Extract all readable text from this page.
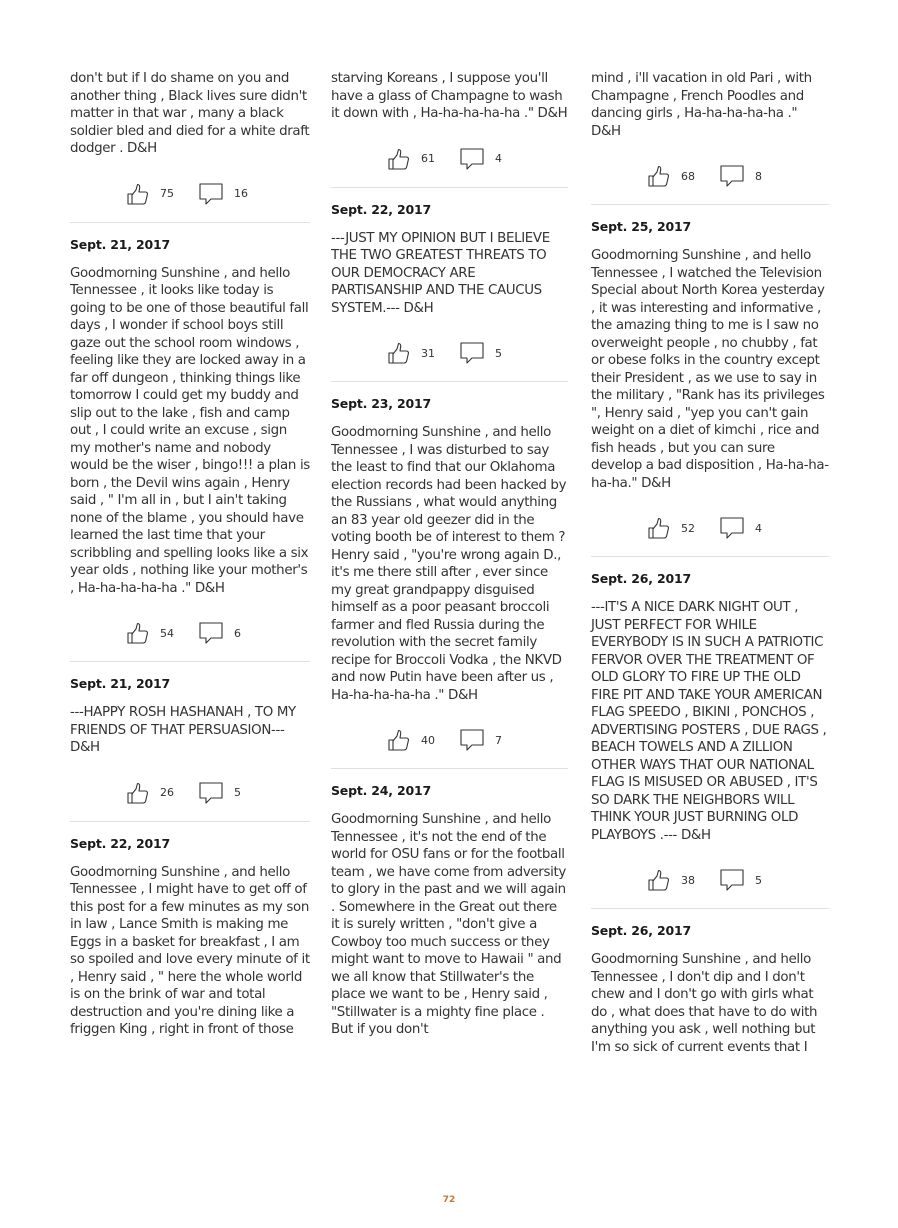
don't but if I do shame on you and another thing , Black lives sure didn't matter in that war , many a black soldier bled and died for a white draft dodger . D&H

75	16

Sept. 21, 2017

Goodmorning Sunshine , and hello Tennessee , it looks like today is going to be one of those beautiful fall days , I wonder if school boys still gaze out the school room windows , feeling like they are locked away in a far off dungeon , thinking things like tomorrow I could get my buddy and slip out to the lake , fish and camp out , I could write an excuse , sign my mother's name and nobody would be the wiser , bingo!!! a plan is born , the Devil wins again , Henry said , " I'm all in , but I ain't taking none of the blame , you should have learned the last time that your scribbling and spelling looks like a six year olds , nothing like your mother's , Ha-ha-ha-ha-ha ." D&H

54	6

Sept. 21, 2017

---HAPPY ROSH HASHANAH , TO MY FRIENDS OF THAT PERSUASION--- D&H

26	5

Sept. 22, 2017

Goodmorning Sunshine , and hello Tennessee , I might have to get off of this post for a few minutes as my son in law , Lance Smith is making me Eggs in a basket for breakfast , I am so spoiled and love every minute of it , Henry said , " here the whole world is on the brink of war and total destruction and you're dining like a friggen King , right in front of those

starving Koreans , I suppose you'll have a glass of Champagne to wash it down with , Ha-ha-ha-ha-ha ." D&H

61	4

Sept. 22, 2017

---JUST MY OPINION BUT I BELIEVE THE TWO GREATEST THREATS TO OUR DEMOCRACY ARE PARTISANSHIP AND THE CAUCUS SYSTEM.--- D&H

31	5

Sept. 23, 2017

Goodmorning Sunshine , and hello Tennessee , I was disturbed to say the least to find that our Oklahoma election records had been hacked by the Russians , what would anything an 83 year old geezer did in the voting booth be of interest to them ? Henry said , "you're wrong again D., it's me there still after , ever since my great grandpappy disguised himself as a poor peasant broccoli farmer and fled Russia during the revolution with the secret family recipe for Broccoli Vodka , the NKVD and now Putin have been after us , Ha-ha-ha-ha-ha ." D&H

40	7

Sept. 24, 2017

Goodmorning Sunshine , and hello Tennessee , it's not the end of the world for OSU fans or for the football team , we have come from adversity to glory in the past and we will again . Somewhere in the Great out there it is surely written , "don't give a Cowboy too much success or they might want to move to Hawaii " and we all know that Stillwater's the place we want to be , Henry said , "Stillwater is a mighty fine place . But if you don't

mind , i'll vacation in old Pari , with Champagne , French Poodles and dancing girls , Ha-ha-ha-ha-ha ." D&H

68	8

Sept. 25, 2017

Goodmorning Sunshine , and hello Tennessee , I watched the Television Special about North Korea yesterday , it was interesting and informative , the amazing thing to me is I saw no overweight people , no chubby , fat or obese folks in the country except their President , as we use to say in the military , "Rank has its privileges ", Henry said , "yep you can't gain weight on a diet of kimchi , rice and fish heads , but you can sure develop a bad disposition , Ha-ha-ha-ha-ha." D&H

52	4

Sept. 26, 2017

---IT'S A NICE DARK NIGHT OUT , JUST PERFECT FOR WHILE EVERYBODY IS IN SUCH A PATRIOTIC FERVOR OVER THE TREATMENT OF OLD GLORY TO FIRE UP THE OLD FIRE PIT AND TAKE YOUR AMERICAN FLAG SPEEDO , BIKINI , PONCHOS , ADVERTISING POSTERS , DUE RAGS , BEACH TOWELS AND A ZILLION OTHER WAYS THAT OUR NATIONAL FLAG IS MISUSED OR ABUSED , IT'S SO DARK THE NEIGHBORS WILL THINK YOUR JUST BURNING OLD PLAYBOYS .--- D&H

38	5

Sept. 26, 2017

Goodmorning Sunshine , and hello Tennessee , I don't dip and I don't chew and I don't go with girls what do , what does that have to do with anything you ask , well nothing but I'm so sick of current events that I

72
